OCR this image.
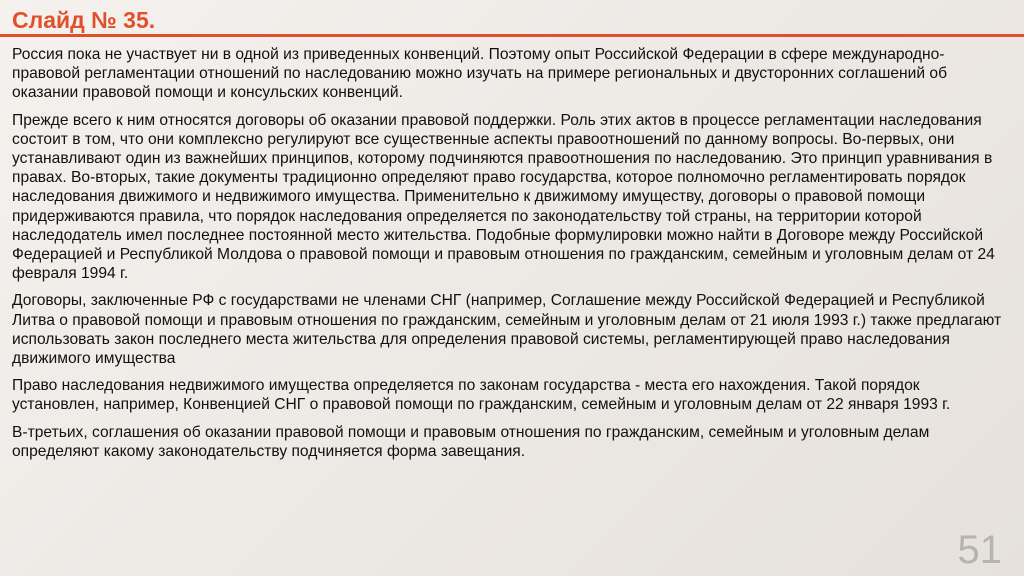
Слайд № 35.

Россия пока не участвует ни в одной из приведенных конвенций. Поэтому опыт Российской Федерации в сфере международно-правовой регламентации отношений по наследованию можно изучать на примере региональных и двусторонних соглашений об оказании правовой помощи и консульских конвенций.

Прежде всего к ним относятся договоры об оказании правовой поддержки. Роль этих актов в процессе регламентации наследования состоит в том, что они комплексно регулируют все существенные аспекты правоотношений по данному вопросы. Во-первых, они устанавливают один из важнейших принципов, которому подчиняются правоотношения по наследованию. Это принцип уравнивания в правах. Во-вторых, такие документы традиционно определяют право государства, которое полномочно регламентировать порядок наследования движимого и недвижимого имущества. Применительно к движимому имуществу, договоры о правовой помощи придерживаются правила, что порядок наследования определяется по законодательству той страны, на территории которой наследодатель имел последнее постоянной место жительства. Подобные формулировки можно найти в Договоре между Российской Федерацией и Республикой Молдова о правовой помощи и правовым отношения по гражданским, семейным и уголовным делам от 24 февраля 1994 г.

Договоры, заключенные РФ с государствами не членами СНГ (например, Соглашение между Российской Федерацией и Республикой Литва о правовой помощи и правовым отношения по гражданским, семейным и уголовным делам от 21 июля 1993 г.) также предлагают использовать закон последнего места жительства для определения правовой системы, регламентирующей право наследования движимого имущества

Право наследования недвижимого имущества определяется по законам государства - места его нахождения. Такой порядок установлен, например, Конвенцией СНГ о правовой помощи по гражданским, семейным и уголовным делам от 22 января 1993 г.

В-третьих, соглашения об оказании правовой помощи и правовым отношения по гражданским, семейным и уголовным делам определяют какому законодательству подчиняется форма завещания.

51
